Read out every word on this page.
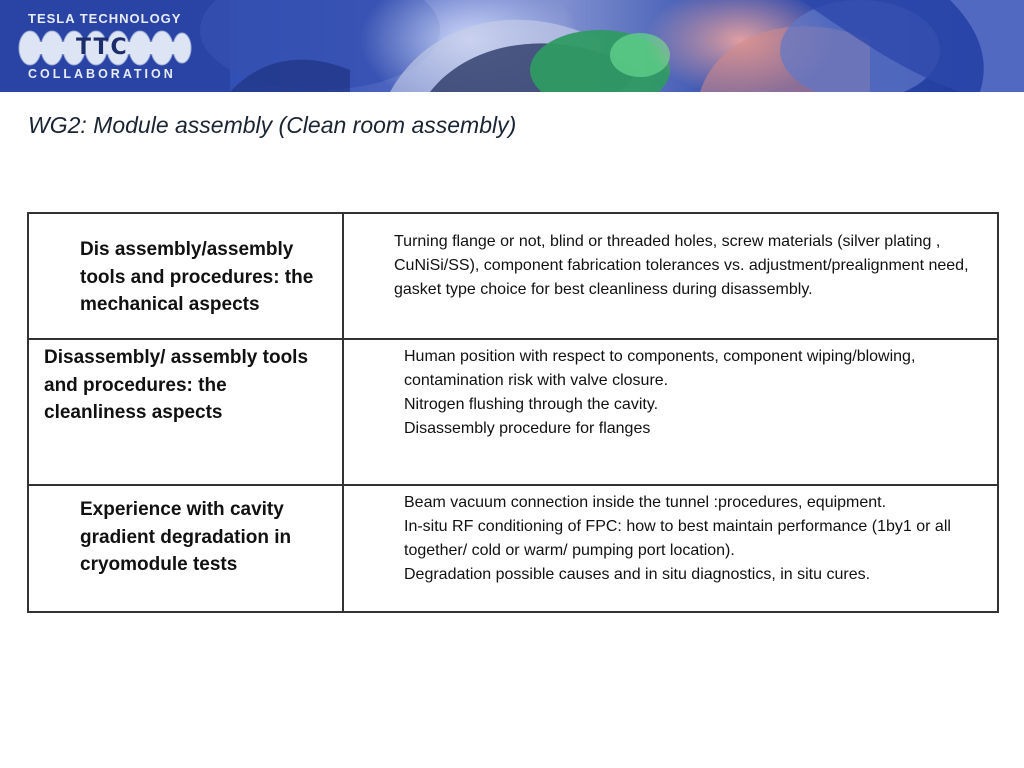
TESLA TECHNOLOGY
TTC
COLLABORATION
WG2: Module assembly (Clean room assembly)
Dis assembly/assembly tools and procedures: the mechanical aspects	Turning flange or not, blind or threaded holes, screw materials (silver plating , CuNiSi/SS), component fabrication tolerances vs. adjustment/prealignment need, gasket type choice for best cleanliness during disassembly.

Disassembly/ assembly tools and procedures: the cleanliness aspects	Human position with respect to components, component wiping/blowing, contamination risk with valve closure.

Nitrogen flushing through the cavity.

Disassembly procedure for flanges

Experience with cavity gradient degradation in cryomodule tests	Beam vacuum connection inside the tunnel :procedures, equipment.

In-situ RF conditioning of FPC: how to best maintain performance (1by1 or all together/ cold or warm/ pumping port location).

Degradation possible causes and in situ diagnostics, in situ cures.
